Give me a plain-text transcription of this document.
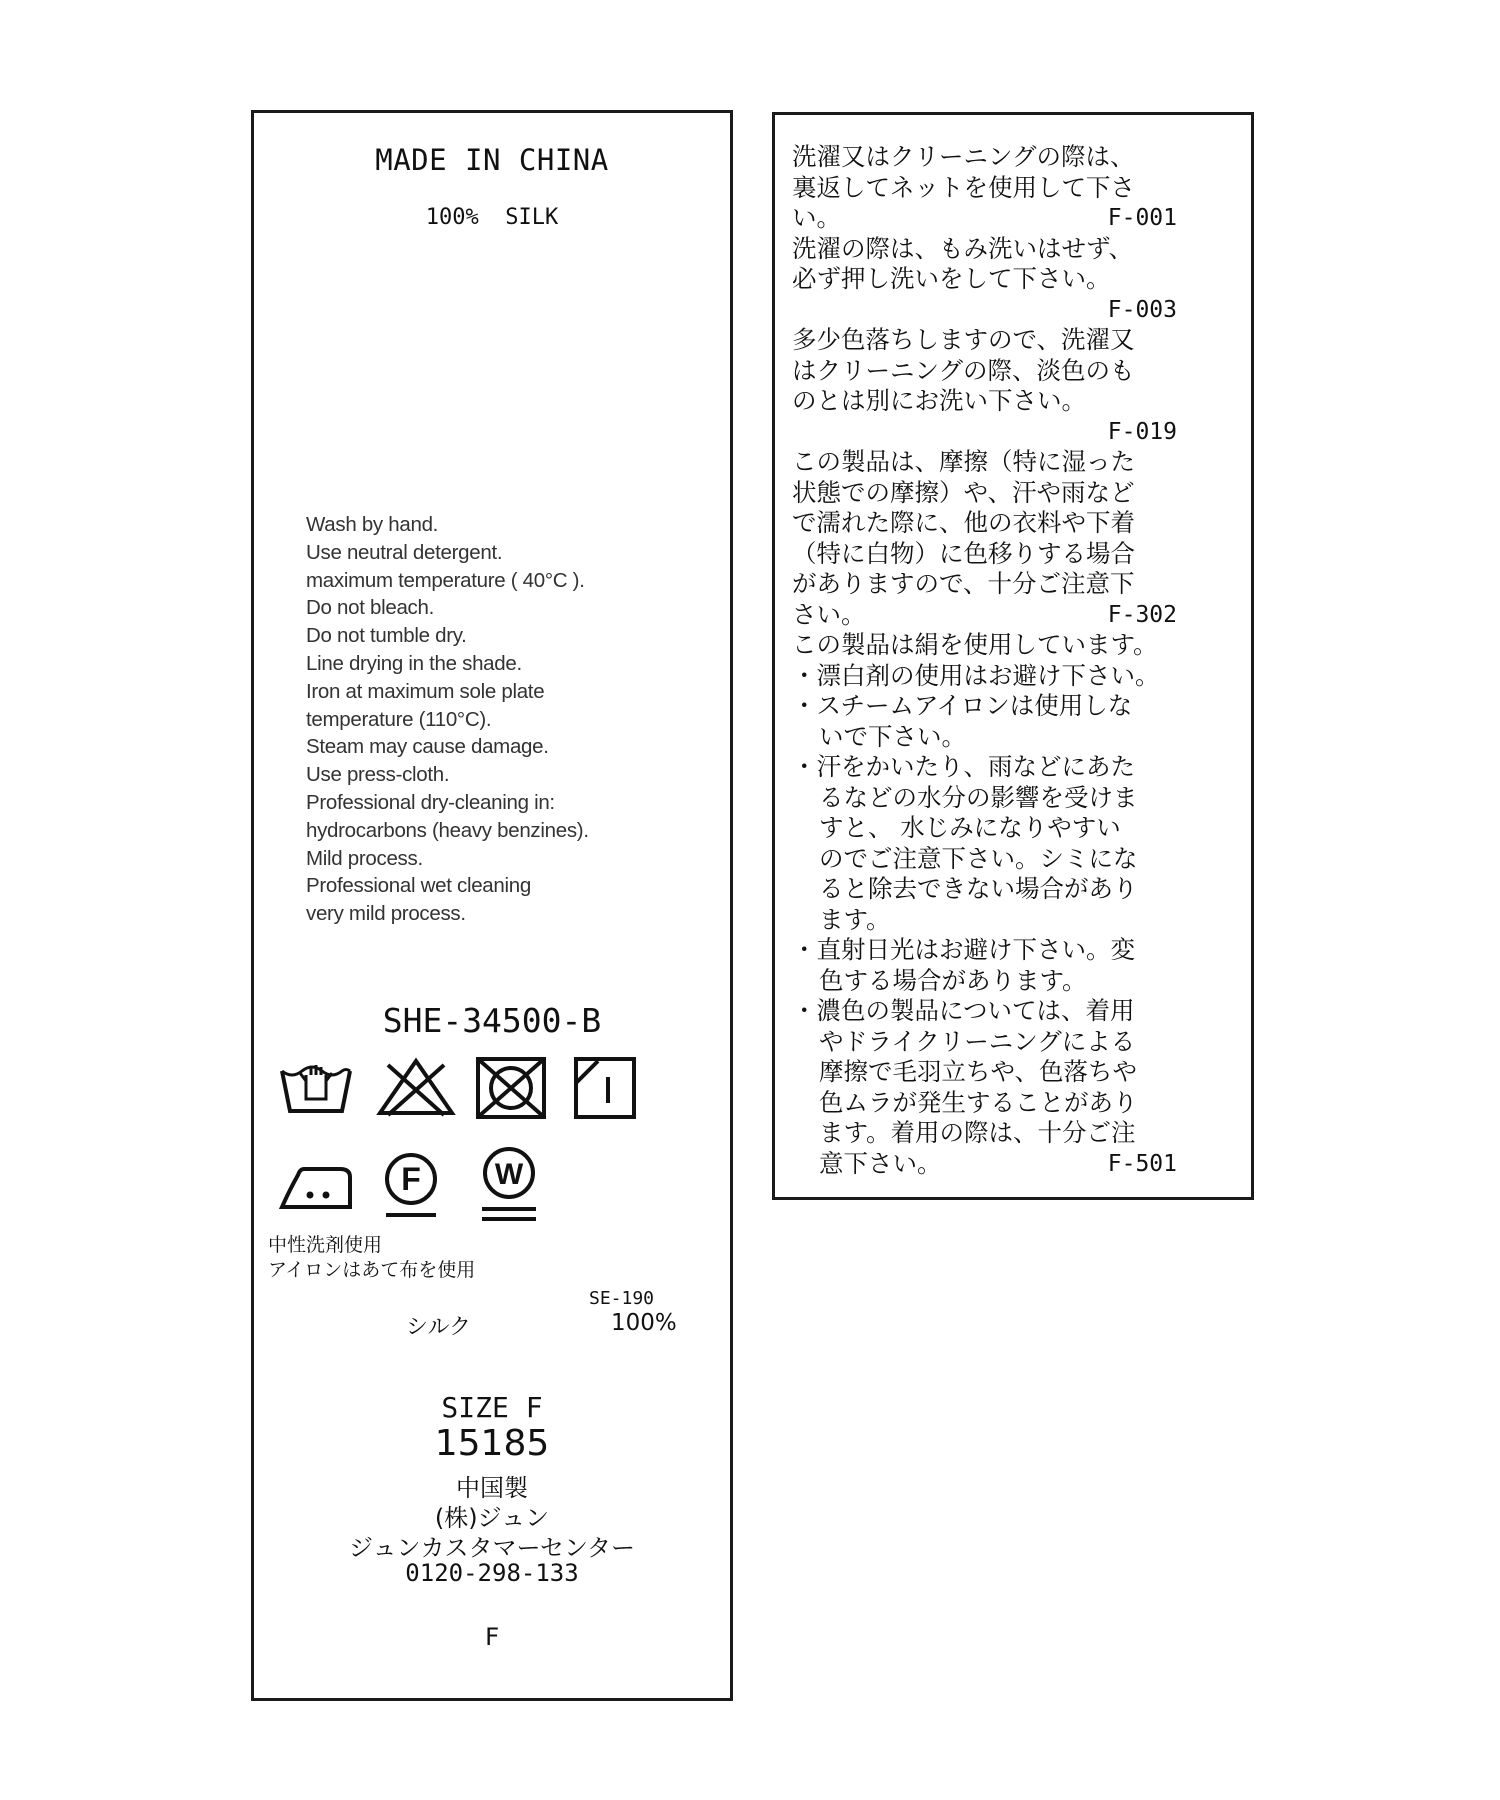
MADE IN CHINA
100%  SILK
Wash by hand.
Use neutral detergent.
maximum temperature ( 40°C ).
Do not bleach.
Do not tumble dry.
Line drying in the shade.
Iron at maximum sole plate
temperature (110°C).
Steam may cause damage.
Use press-cloth.
Professional dry-cleaning in:
hydrocarbons (heavy benzines).
Mild process.
Professional wet cleaning
very mild process.
SHE-34500-B
F W
中性洗剤使用
アイロンはあて布を使用
SE-190
シルク	100%
SIZE F
15185
中国製
(株)ジュン
ジュンカスタマーセンター
0120-298-133
F
洗濯又はクリーニングの際は、
裏返してネットを使用して下さ
い。	F-001
洗濯の際は、もみ洗いはせず、
必ず押し洗いをして下さい。
F-003
多少色落ちしますので、洗濯又
はクリーニングの際、淡色のも
のとは別にお洗い下さい。
F-019
この製品は、摩擦（特に湿った
状態での摩擦）や、汗や雨など
で濡れた際に、他の衣料や下着
（特に白物）に色移りする場合
がありますので、十分ご注意下
さい。	F-302
この製品は絹を使用しています。
・漂白剤の使用はお避け下さい。
・スチームアイロンは使用しな
いで下さい。
・汗をかいたり、雨などにあた
るなどの水分の影響を受けま
すと、 水じみになりやすい
のでご注意下さい。シミにな
ると除去できない場合があり
ます。
・直射日光はお避け下さい。変
色する場合があります。
・濃色の製品については、着用
やドライクリーニングによる
摩擦で毛羽立ちや、色落ちや
色ムラが発生することがあり
ます。着用の際は、十分ご注
意下さい。	F-501
